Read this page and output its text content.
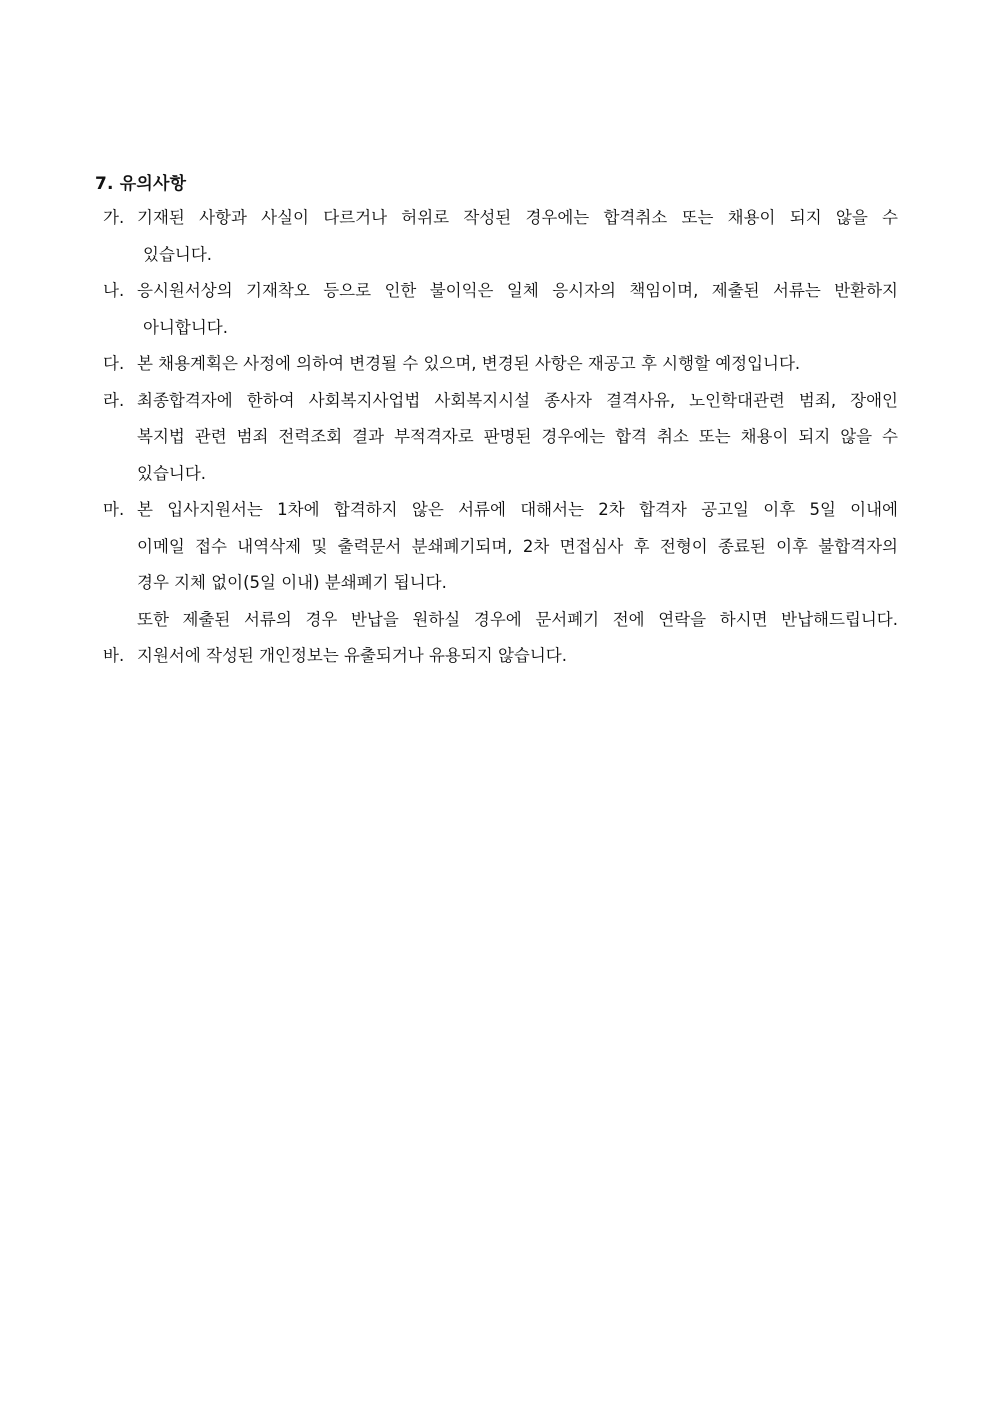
7. 유의사항
가. 기재된 사항과 사실이 다르거나 허위로 작성된 경우에는 합격취소 또는 채용이 되지 않을 수
있습니다.
나. 응시원서상의 기재착오 등으로 인한 불이익은 일체 응시자의 책임이며, 제출된 서류는 반환하지
아니합니다.
다. 본 채용계획은 사정에 의하여 변경될 수 있으며, 변경된 사항은 재공고 후 시행할 예정입니다.
라. 최종합격자에 한하여 사회복지사업법 사회복지시설 종사자 결격사유, 노인학대관련 범죄, 장애인
복지법 관련 범죄 전력조회 결과 부적격자로 판명된 경우에는 합격 취소 또는 채용이 되지 않을 수
있습니다.
마. 본 입사지원서는 1차에 합격하지 않은 서류에 대해서는 2차 합격자 공고일 이후 5일 이내에
이메일 접수 내역삭제 및 출력문서 분쇄폐기되며, 2차 면접심사 후 전형이 종료된 이후 불합격자의
경우 지체 없이(5일 이내) 분쇄폐기 됩니다.
또한 제출된 서류의 경우 반납을 원하실 경우에 문서폐기 전에 연락을 하시면 반납해드립니다.
바. 지원서에 작성된 개인정보는 유출되거나 유용되지 않습니다.
